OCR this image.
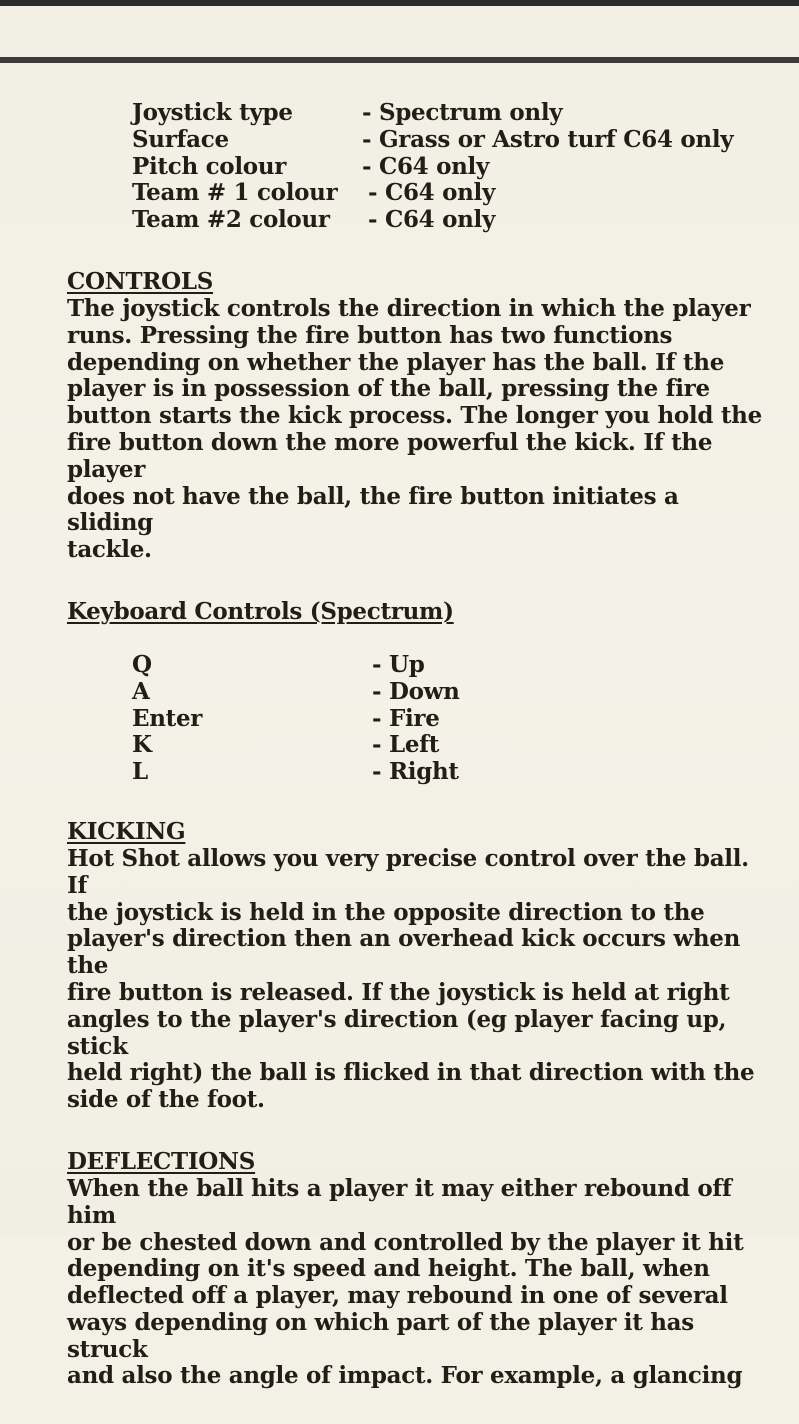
Joystick type	- Spectrum only
Surface	- Grass or Astro turf C64 only
Pitch colour	- C64 only
Team # 1 colour	- C64 only
Team #2 colour	- C64 only
CONTROLS

The joystick controls the direction in which the player
runs. Pressing the fire button has two functions
depending on whether the player has the ball. If the
player is in possession of the ball, pressing the fire
button starts the kick process. The longer you hold the
fire button down the more powerful the kick. If the player
does not have the ball, the fire button initiates a sliding
tackle.

Keyboard Controls (Spectrum)
Q	- Up
A	- Down
Enter	- Fire
K	- Left
L	- Right
KICKING

Hot Shot allows you very precise control over the ball. If
the joystick is held in the opposite direction to the
player's direction then an overhead kick occurs when the
fire button is released. If the joystick is held at right
angles to the player's direction (eg player facing up, stick
held right) the ball is flicked in that direction with the
side of the foot.

DEFLECTIONS

When the ball hits a player it may either rebound off him
or be chested down and controlled by the player it hit
depending on it's speed and height. The ball, when
deflected off a player, may rebound in one of several
ways depending on which part of the player it has struck
and also the angle of impact. For example, a glancing
